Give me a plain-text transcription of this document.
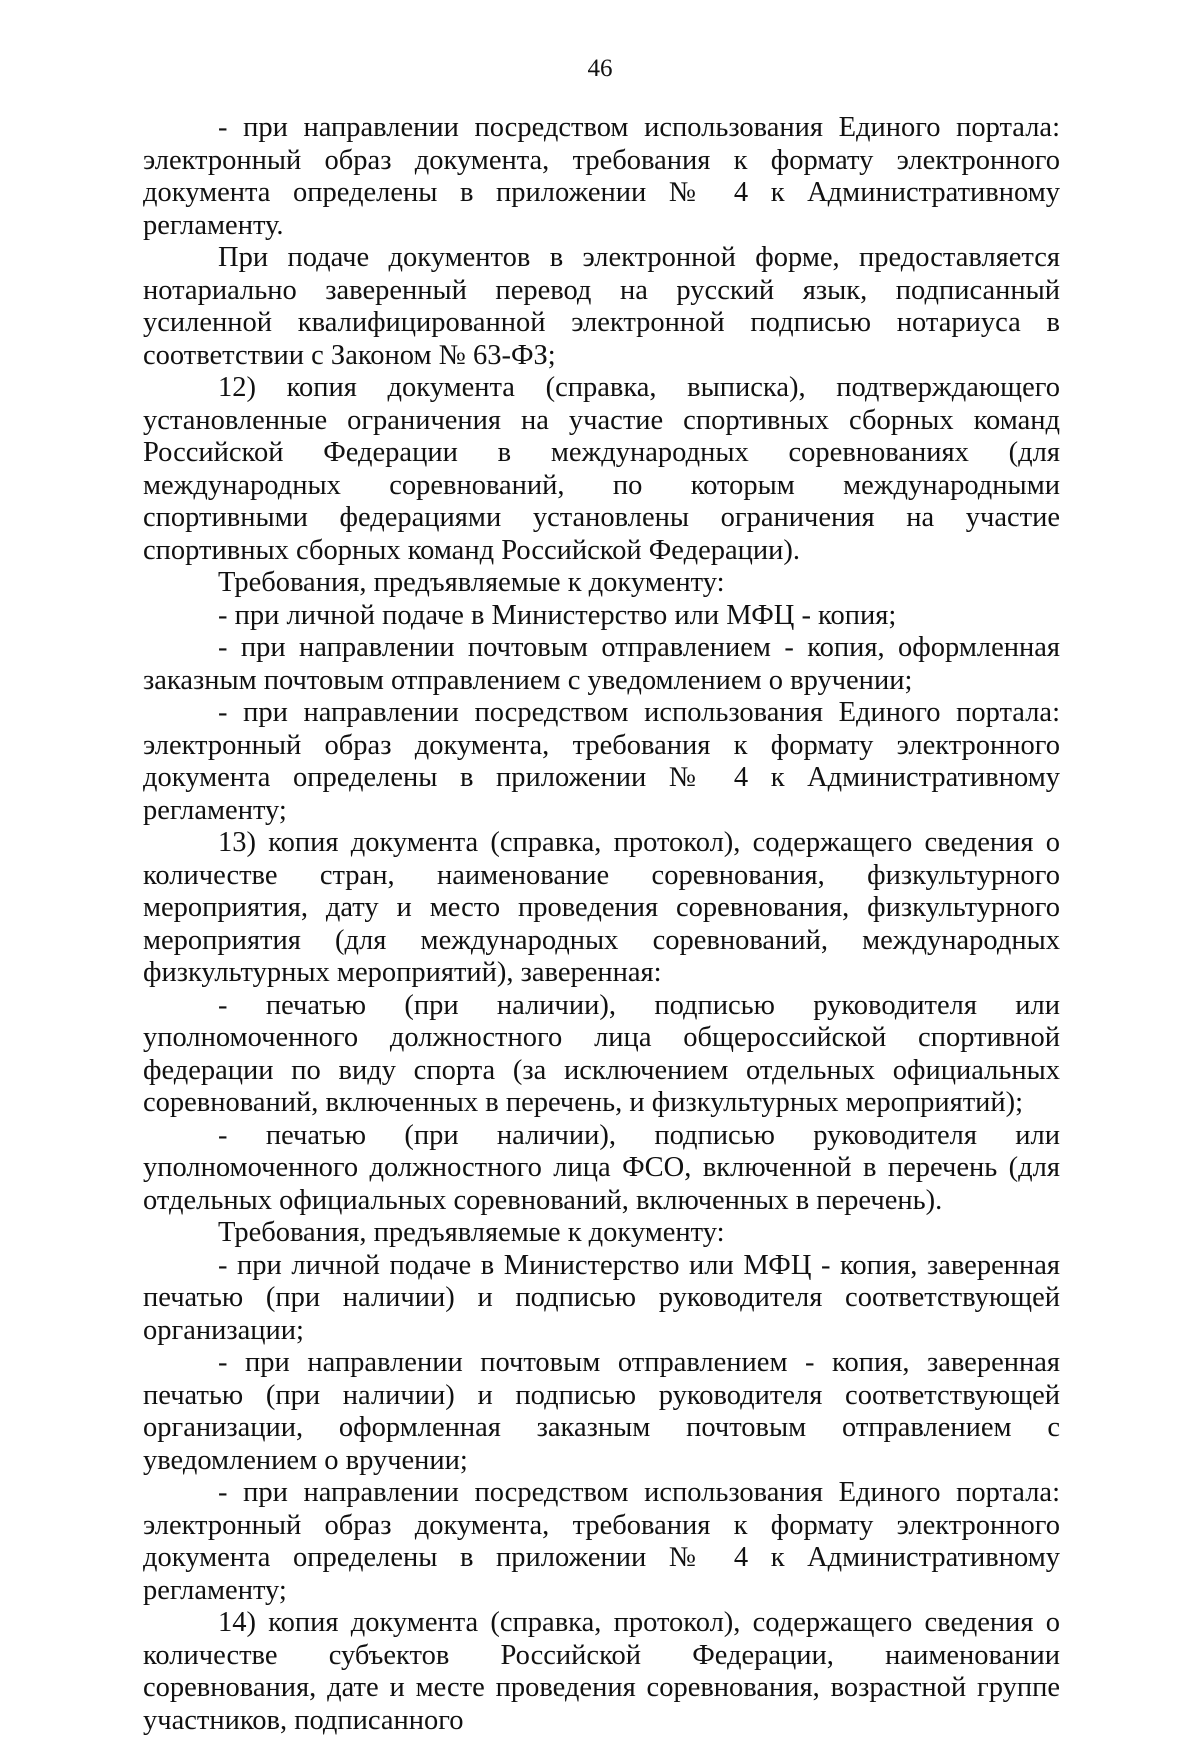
46

- при направлении посредством использования Единого портала: электронный образ документа, требования к формату электронного документа определены в приложении № 4 к Административному регламенту.

При подаче документов в электронной форме, предоставляется нотариально заверенный перевод на русский язык, подписанный усиленной квалифицированной электронной подписью нотариуса в соответствии с Законом № 63-ФЗ;

12) копия документа (справка, выписка), подтверждающего установленные ограничения на участие спортивных сборных команд Российской Федерации в международных соревнованиях (для международных соревнований, по которым международными спортивными федерациями установлены ограничения на участие спортивных сборных команд Российской Федерации).

Требования, предъявляемые к документу:

- при личной подаче в Министерство или МФЦ - копия;

- при направлении почтовым отправлением - копия, оформленная заказным почтовым отправлением с уведомлением о вручении;

- при направлении посредством использования Единого портала: электронный образ документа, требования к формату электронного документа определены в приложении № 4 к Административному регламенту;

13) копия документа (справка, протокол), содержащего сведения о количестве стран, наименование соревнования, физкультурного мероприятия, дату и место проведения соревнования, физкультурного мероприятия (для международных соревнований, международных физкультурных мероприятий), заверенная:

- печатью (при наличии), подписью руководителя или уполномоченного должностного лица общероссийской спортивной федерации по виду спорта (за исключением отдельных официальных соревнований, включенных в перечень, и физкультурных мероприятий);

- печатью (при наличии), подписью руководителя или уполномоченного должностного лица ФСО, включенной в перечень (для отдельных официальных соревнований, включенных в перечень).

Требования, предъявляемые к документу:

- при личной подаче в Министерство или МФЦ - копия, заверенная печатью (при наличии) и подписью руководителя соответствующей организации;

- при направлении почтовым отправлением - копия, заверенная печатью (при наличии) и подписью руководителя соответствующей организации, оформленная заказным почтовым отправлением с уведомлением о вручении;

- при направлении посредством использования Единого портала: электронный образ документа, требования к формату электронного документа определены в приложении № 4 к Административному регламенту;

14) копия документа (справка, протокол), содержащего сведения о количестве субъектов Российской Федерации, наименовании соревнования, дате и месте проведения соревнования, возрастной группе участников, подписанного
